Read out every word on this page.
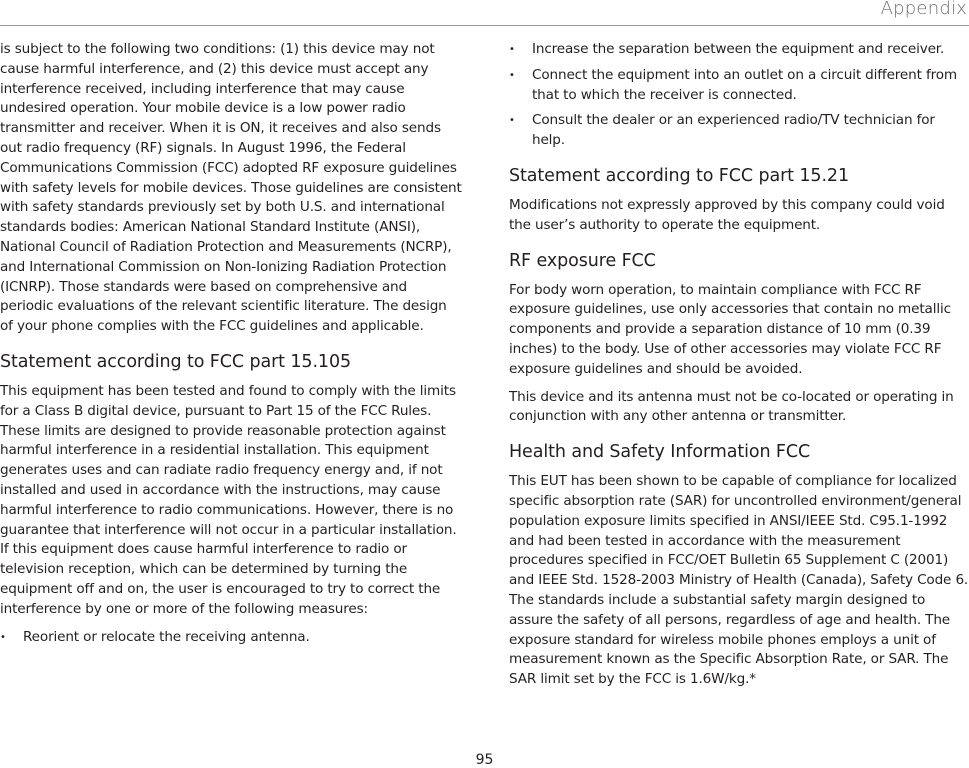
Appendix

is subject to the following two conditions: (1) this device may not cause harmful interference, and (2) this device must accept any interference received, including interference that may cause undesired operation. Your mobile device is a low power radio transmitter and receiver. When it is ON, it receives and also sends out radio frequency (RF) signals. In August 1996, the Federal Communications Commission (FCC) adopted RF exposure guidelines with safety levels for mobile devices. Those guidelines are consistent with safety standards previously set by both U.S. and international standards bodies: American National Standard Institute (ANSI), National Council of Radiation Protection and Measurements (NCRP), and International Commission on Non-Ionizing Radiation Protection (ICNRP). Those standards were based on comprehensive and periodic evaluations of the relevant scientific literature. The design of your phone complies with the FCC guidelines and applicable.

Statement according to FCC part 15.105

This equipment has been tested and found to comply with the limits for a Class B digital device, pursuant to Part 15 of the FCC Rules. These limits are designed to provide reasonable protection against harmful interference in a residential installation. This equipment generates uses and can radiate radio frequency energy and, if not installed and used in accordance with the instructions, may cause harmful interference to radio communications. However, there is no guarantee that interference will not occur in a particular installation. If this equipment does cause harmful interference to radio or television reception, which can be determined by turning the equipment off and on, the user is encouraged to try to correct the interference by one or more of the following measures:

• Reorient or relocate the receiving antenna.
• Increase the separation between the equipment and receiver.
• Connect the equipment into an outlet on a circuit different from that to which the receiver is connected.
• Consult the dealer or an experienced radio/TV technician for help.
Statement according to FCC part 15.21

Modifications not expressly approved by this company could void the user’s authority to operate the equipment.

RF exposure FCC

For body worn operation, to maintain compliance with FCC RF exposure guidelines, use only accessories that contain no metallic components and provide a separation distance of 10 mm (0.39 inches) to the body. Use of other accessories may violate FCC RF exposure guidelines and should be avoided.

This device and its antenna must not be co-located or operating in conjunction with any other antenna or transmitter.

Health and Safety Information FCC

This EUT has been shown to be capable of compliance for localized specific absorption rate (SAR) for uncontrolled environment/general population exposure limits specified in ANSI/IEEE Std. C95.1-1992 and had been tested in accordance with the measurement procedures specified in FCC/OET Bulletin 65 Supplement C (2001) and IEEE Std. 1528-2003 Ministry of Health (Canada), Safety Code 6. The standards include a substantial safety margin designed to assure the safety of all persons, regardless of age and health. The exposure standard for wireless mobile phones employs a unit of measurement known as the Specific Absorption Rate, or SAR. The SAR limit set by the FCC is 1.6W/kg.*

95
